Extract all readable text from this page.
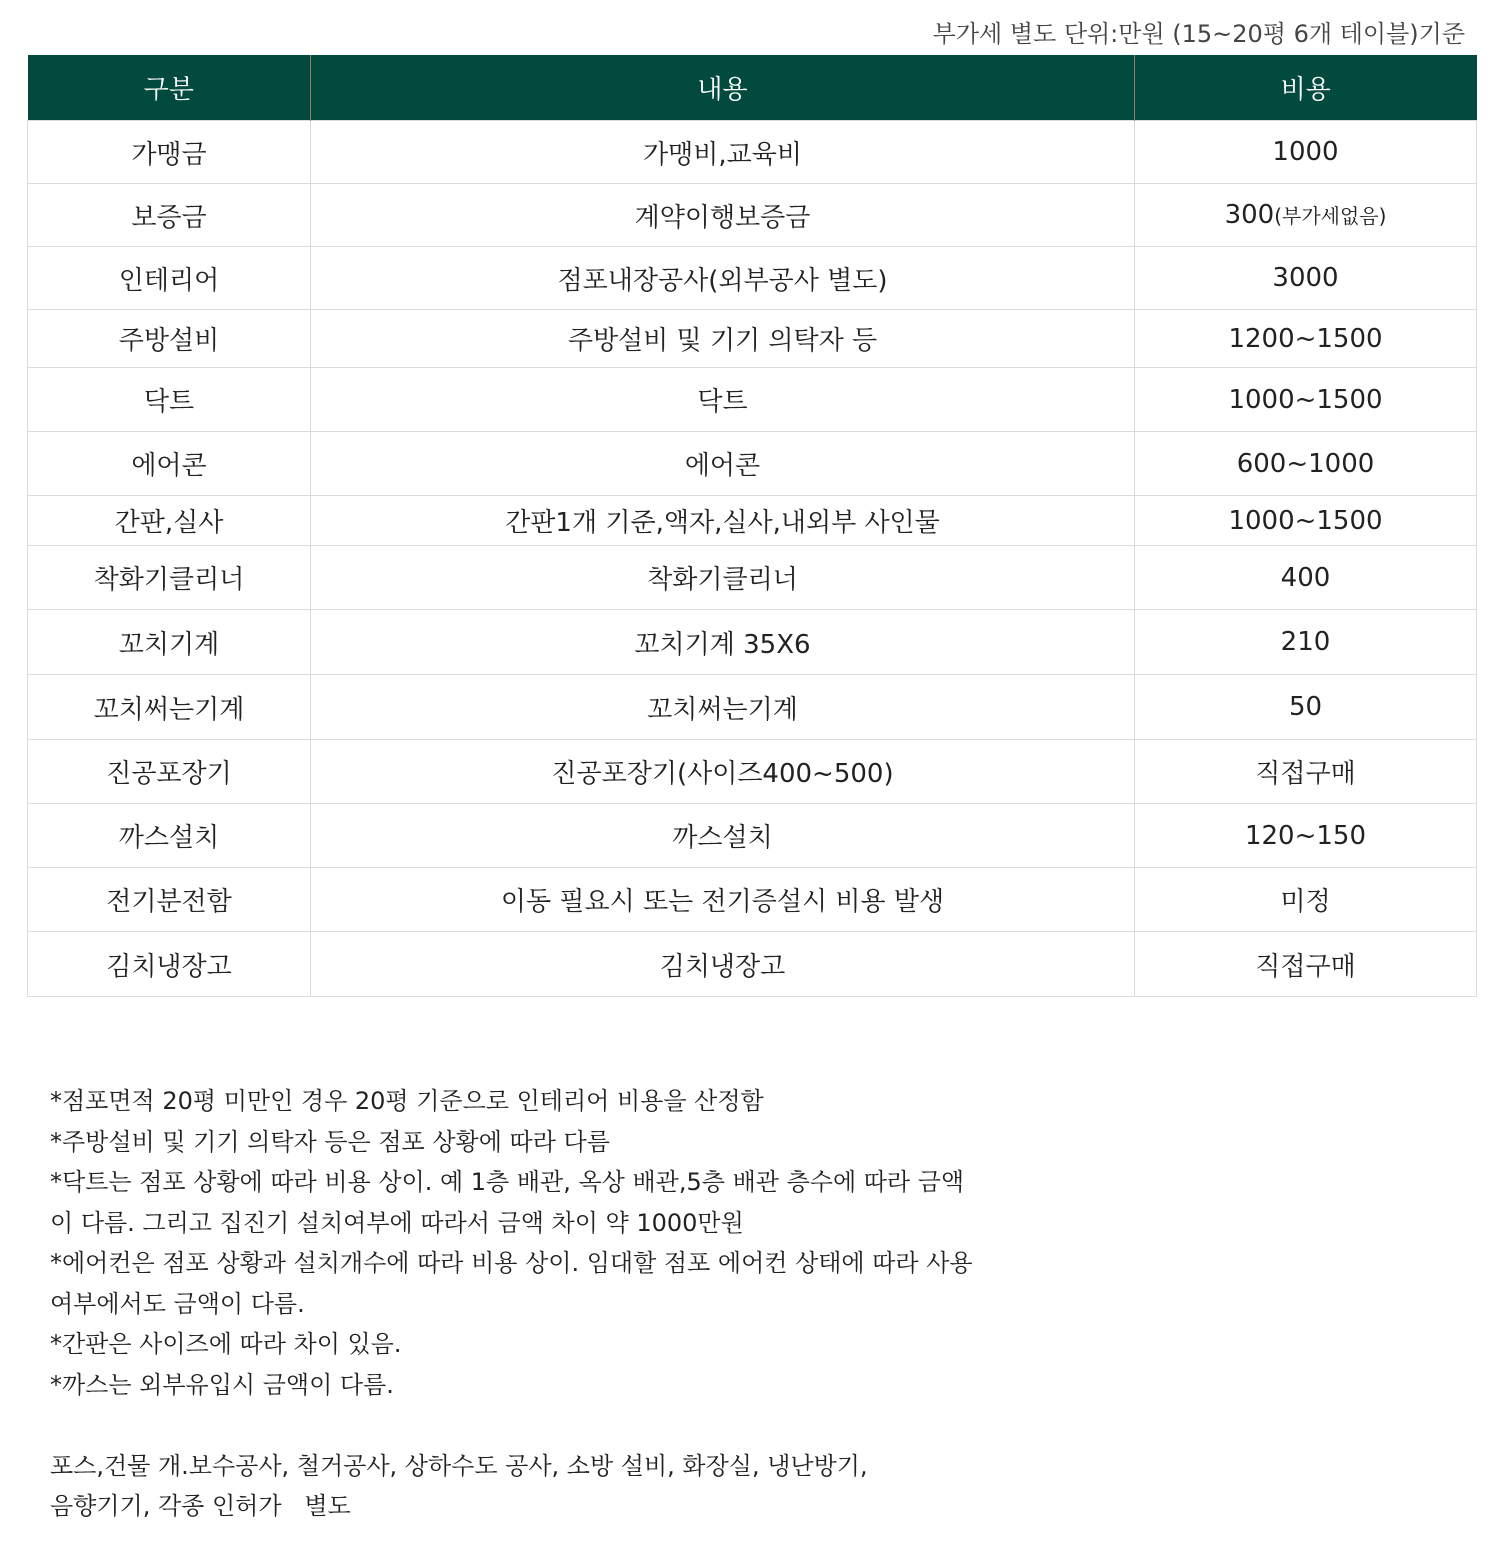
부가세 별도 단위:만원 (15~20평 6개 테이블)기준
구분	내용	비용
가맹금	가맹비,교육비	1000
보증금	계약이행보증금	300(부가세없음)
인테리어	점포내장공사(외부공사 별도)	3000
주방설비	주방설비 및 기기 의탁자 등	1200~1500
닥트	닥트	1000~1500
에어콘	에어콘	600~1000
간판,실사	간판1개 기준,액자,실사,내외부 사인물	1000~1500
착화기클리너	착화기클리너	400
꼬치기계	꼬치기계 35X6	210
꼬치써는기계	꼬치써는기계	50
진공포장기	진공포장기(사이즈400~500)	직접구매
까스설치	까스설치	120~150
전기분전함	이동 필요시 또는 전기증설시 비용 발생	미정
김치냉장고	김치냉장고	직접구매

*점포면적 20평 미만인 경우 20평 기준으로 인테리어 비용을 산정함

*주방설비 및 기기 의탁자 등은 점포 상황에 따라 다름

*닥트는 점포 상황에 따라 비용 상이. 예 1층 배관, 옥상 배관,5층 배관 층수에 따라 금액

이 다름. 그리고 집진기 설치여부에 따라서 금액 차이 약 1000만원

*에어컨은 점포 상황과 설치개수에 따라 비용 상이. 임대할 점포 에어컨 상태에 따라 사용

여부에서도 금액이 다름.

*간판은 사이즈에 따라 차이 있음.

*까스는 외부유입시 금액이 다름.

포스,건물 개.보수공사, 철거공사, 상하수도 공사, 소방 설비, 화장실, 냉난방기,

음향기기, 각종 인허가   별도
